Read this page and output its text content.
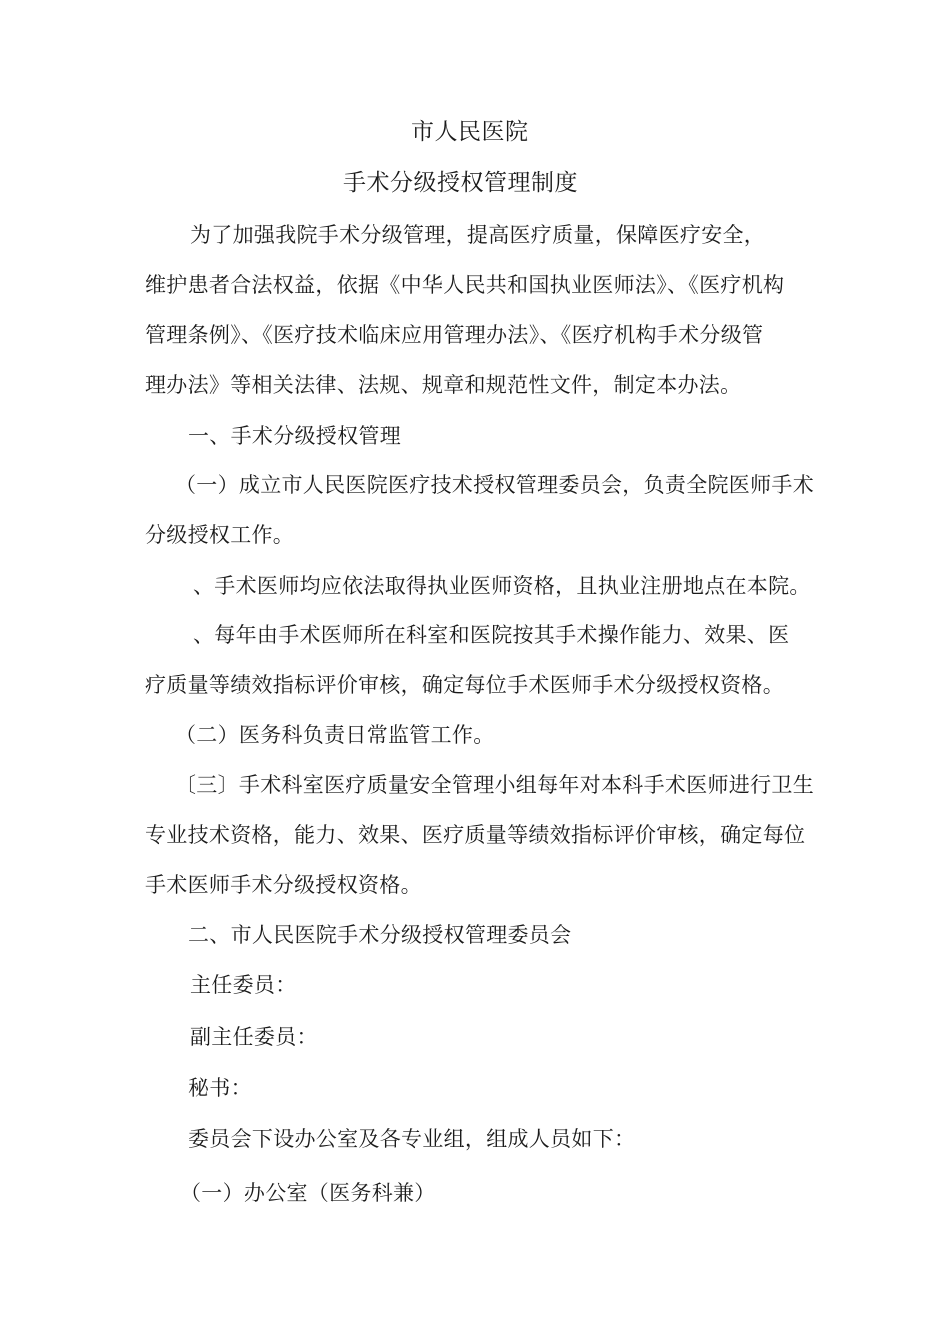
市人民医院
手术分级授权管理制度
为了加强我院手术分级管理，提高医疗质量，保障医疗安全，
维护患者合法权益，依据《中华人民共和国执业医师法》、《医疗机构
管理条例》、《医疗技术临床应用管理办法》、《医疗机构手术分级管
理办法》等相关法律、法规、规章和规范性文件，制定本办法。
一、手术分级授权管理
（一）成立市人民医院医疗技术授权管理委员会，负责全院医师手术
分级授权工作。
、手术医师均应依法取得执业医师资格，且执业注册地点在本院。
、每年由手术医师所在科室和医院按其手术操作能力、效果、医
疗质量等绩效指标评价审核，确定每位手术医师手术分级授权资格。
（二）医务科负责日常监管工作。
〔三〕手术科室医疗质量安全管理小组每年对本科手术医师进行卫生
专业技术资格，能力、效果、医疗质量等绩效指标评价审核，确定每位
手术医师手术分级授权资格。
二、市人民医院手术分级授权管理委员会
主任委员：
副主任委员：
秘书：
委员会下设办公室及各专业组，组成人员如下：
（一）办公室（医务科兼）
